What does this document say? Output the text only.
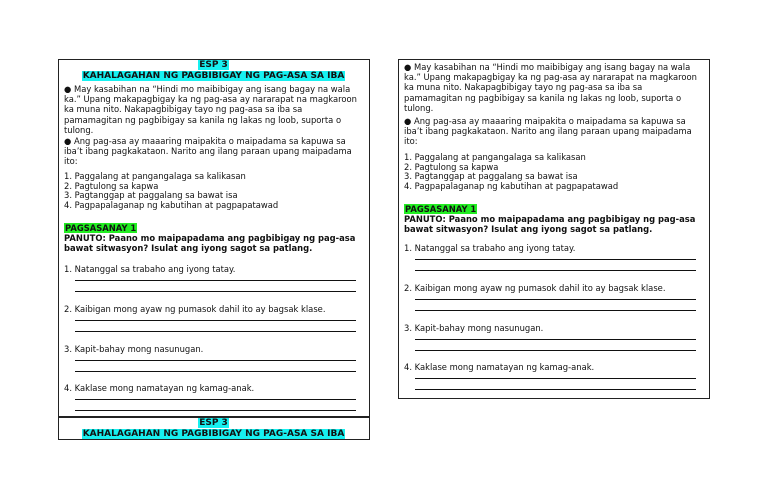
ESP 3
KAHALAGAHAN NG PAGBIBIGAY NG PAG-ASA SA IBA

● May kasabihan na “Hindi mo maibibigay ang isang bagay na wala ka.” Upang makapagbigay ka ng pag-asa ay nararapat na magkaroon ka muna nito. Nakapagbibigay tayo ng pag-asa sa iba sa pamamagitan ng pagbibigay sa kanila ng lakas ng loob, suporta o tulong.

● Ang pag-asa ay maaaring maipakita o maipadama sa kapuwa sa iba’t ibang pagkakataon. Narito ang ilang paraan upang maipadama ito:

1. Paggalang at pangangalaga sa kalikasan
2. Pagtulong sa kapwa
3. Pagtanggap at paggalang sa bawat isa
4. Pagpapalaganap ng kabutihan at pagpapatawad
PAGSASANAY 1
PANUTO: Paano mo maipapadama ang pagbibigay ng pag-asa bawat sitwasyon? Isulat ang iyong sagot sa patlang.
1. Natanggal sa trabaho ang iyong tatay.
2. Kaibigan mong ayaw ng pumasok dahil ito ay bagsak klase.
3. Kapit-bahay mong nasunugan.
4. Kaklase mong namatayan ng kamag-anak.
ESP 3
KAHALAGAHAN NG PAGBIBIGAY NG PAG-ASA SA IBA

● May kasabihan na “Hindi mo maibibigay ang isang bagay na wala ka.” Upang makapagbigay ka ng pag-asa ay nararapat na magkaroon ka muna nito. Nakapagbibigay tayo ng pag-asa sa iba sa pamamagitan ng pagbibigay sa kanila ng lakas ng loob, suporta o tulong.

● Ang pag-asa ay maaaring maipakita o maipadama sa kapuwa sa iba’t ibang pagkakataon. Narito ang ilang paraan upang maipadama ito:

1. Paggalang at pangangalaga sa kalikasan
2. Pagtulong sa kapwa
3. Pagtanggap at paggalang sa bawat isa
4. Pagpapalaganap ng kabutihan at pagpapatawad
PAGSASANAY 1
PANUTO: Paano mo maipapadama ang pagbibigay ng pag-asa bawat sitwasyon? Isulat ang iyong sagot sa patlang.
1. Natanggal sa trabaho ang iyong tatay.
2. Kaibigan mong ayaw ng pumasok dahil ito ay bagsak klase.
3. Kapit-bahay mong nasunugan.
4. Kaklase mong namatayan ng kamag-anak.
